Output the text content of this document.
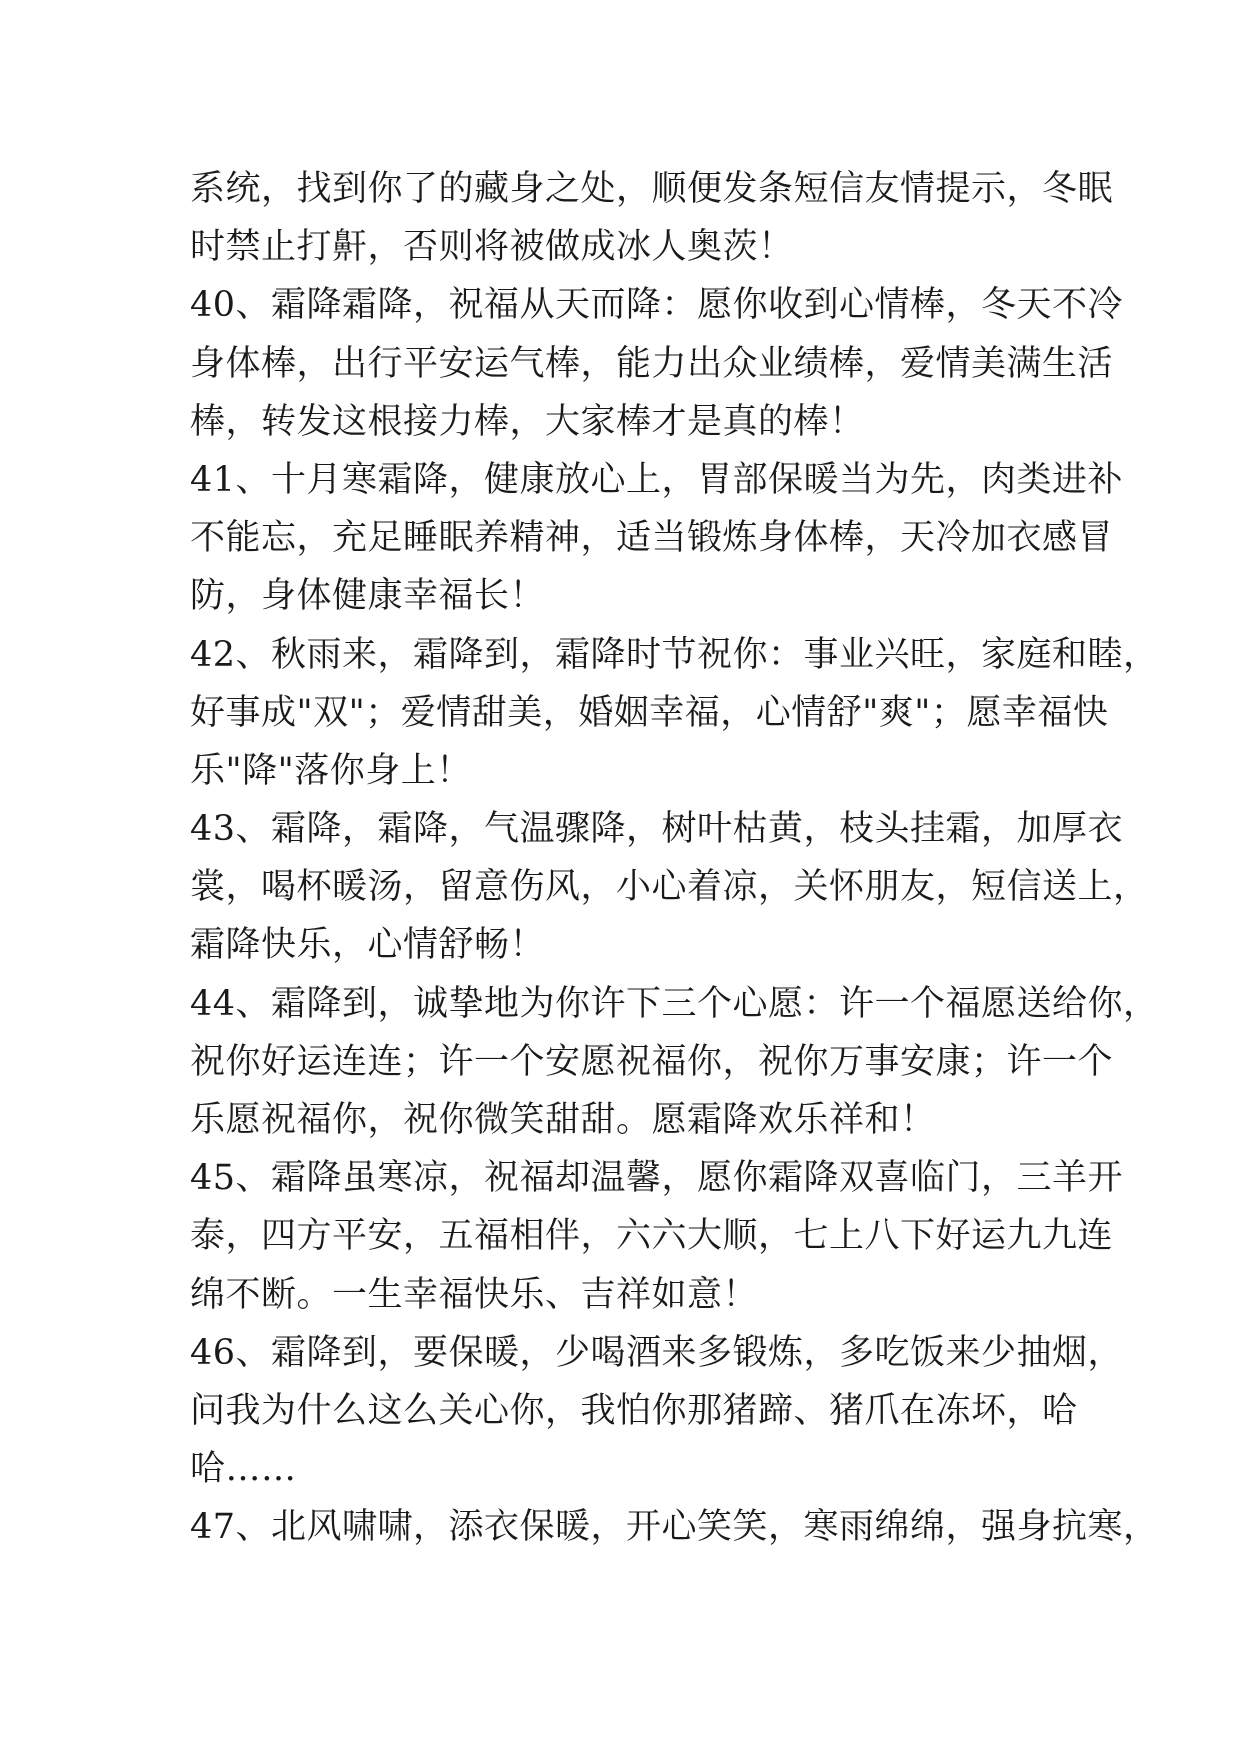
系统，找到你了的藏身之处，顺便发条短信友情提示，冬眠
时禁止打鼾，否则将被做成冰人奥茨！
40、霜降霜降，祝福从天而降：愿你收到心情棒，冬天不冷
身体棒，出行平安运气棒，能力出众业绩棒，爱情美满生活
棒，转发这根接力棒，大家棒才是真的棒！
41、十月寒霜降，健康放心上，胃部保暖当为先，肉类进补
不能忘，充足睡眠养精神，适当锻炼身体棒，天冷加衣感冒
防，身体健康幸福长！
42、秋雨来，霜降到，霜降时节祝你：事业兴旺，家庭和睦，
好事成"双"；爱情甜美，婚姻幸福，心情舒"爽"；愿幸福快
乐"降"落你身上！
43、霜降，霜降，气温骤降，树叶枯黄，枝头挂霜，加厚衣
裳，喝杯暖汤，留意伤风，小心着凉，关怀朋友，短信送上，
霜降快乐，心情舒畅！
44、霜降到，诚挚地为你许下三个心愿：许一个福愿送给你，
祝你好运连连；许一个安愿祝福你，祝你万事安康；许一个
乐愿祝福你，祝你微笑甜甜。愿霜降欢乐祥和！
45、霜降虽寒凉，祝福却温馨，愿你霜降双喜临门，三羊开
泰，四方平安，五福相伴，六六大顺，七上八下好运九九连
绵不断。一生幸福快乐、吉祥如意！
46、霜降到，要保暖，少喝酒来多锻炼，多吃饭来少抽烟，
问我为什么这么关心你，我怕你那猪蹄、猪爪在冻坏，哈
哈……
47、北风啸啸，添衣保暖，开心笑笑，寒雨绵绵，强身抗寒，
